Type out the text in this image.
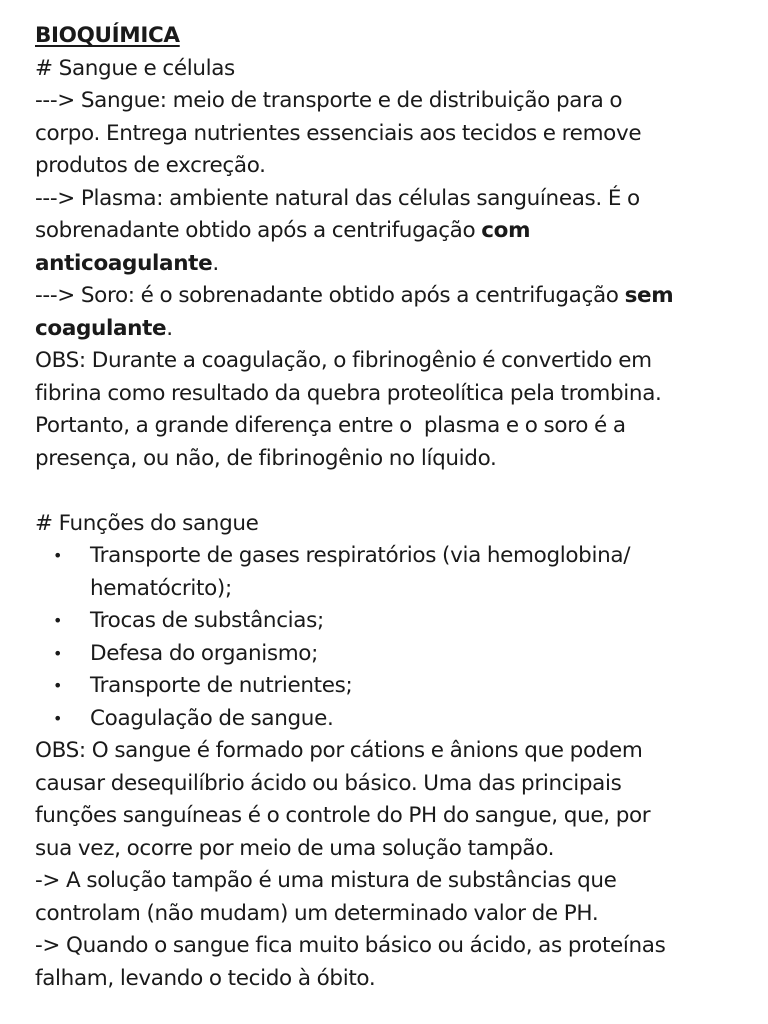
BIOQUÍMICA
# Sangue e células
---> Sangue: meio de transporte e de distribuição para o
corpo. Entrega nutrientes essenciais aos tecidos e remove
produtos de excreção.
---> Plasma: ambiente natural das células sanguíneas. É o
sobrenadante obtido após a centrifugação com
anticoagulante.
---> Soro: é o sobrenadante obtido após a centrifugação sem
coagulante.
OBS: Durante a coagulação, o fibrinogênio é convertido em
fibrina como resultado da quebra proteolítica pela trombina.
Portanto, a grande diferença entre o  plasma e o soro é a
presença, ou não, de fibrinogênio no líquido.
# Funções do sangue
• Transporte de gases respiratórios (via hemoglobina/
hematócrito);
• Trocas de substâncias;
• Defesa do organismo;
• Transporte de nutrientes;
• Coagulação de sangue.
OBS: O sangue é formado por cátions e ânions que podem
causar desequilíbrio ácido ou básico. Uma das principais
funções sanguíneas é o controle do PH do sangue, que, por
sua vez, ocorre por meio de uma solução tampão.
-> A solução tampão é uma mistura de substâncias que
controlam (não mudam) um determinado valor de PH.
-> Quando o sangue fica muito básico ou ácido, as proteínas
falham, levando o tecido à óbito.
